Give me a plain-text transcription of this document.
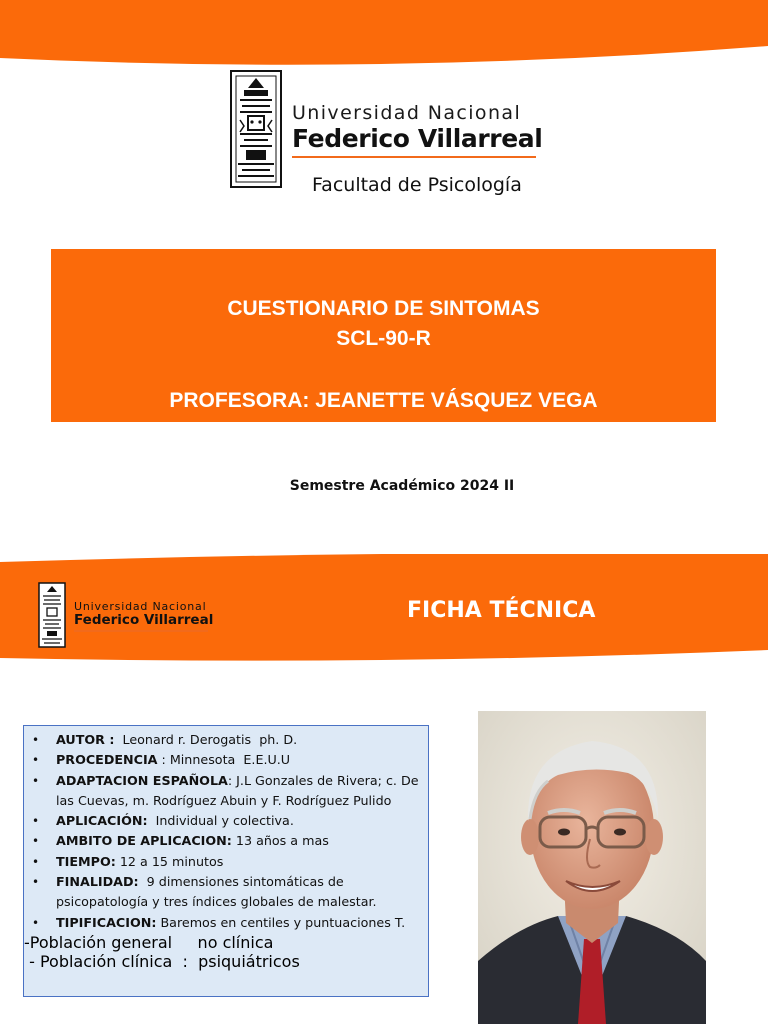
Universidad Nacional
Federico Villarreal
Facultad de Psicología
CUESTIONARIO DE SINTOMAS
SCL-90-R
PROFESORA: JEANETTE VÁSQUEZ VEGA
Semestre Académico 2024 II
Universidad Nacional
Federico Villarreal	FICHA TÉCNICA
• AUTOR :  Leonard r. Derogatis  ph. D.
• PROCEDENCIA : Minnesota  E.E.U.U
• ADAPTACION ESPAÑOLA: J.L Gonzales de Rivera; c. De las Cuevas, m. Rodríguez Abuin y F. Rodríguez Pulido
• APLICACIÓN:  Individual y colectiva.
• AMBITO DE APLICACION: 13 años a mas
• TIEMPO: 12 a 15 minutos
• FINALIDAD:  9 dimensiones sintomáticas de psicopatología y tres índices globales de malestar.
• TIPIFICACION: Baremos en centiles y puntuaciones T.
-Población general     no clínica
- Población clínica  :  psiquiátricos
